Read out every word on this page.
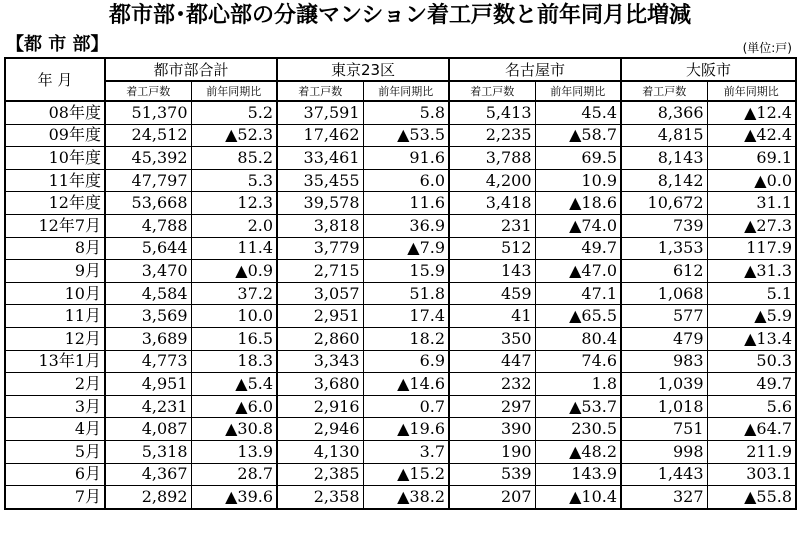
都市部･都心部の分譲マンション着工戸数と前年同月比増減
【都 市 部】	(単位:戸)
年 月	都市部合計		東京23区		名古屋市		大阪市	
	着工戸数	前年同期比	着工戸数	前年同期比	着工戸数	前年同期比	着工戸数	前年同期比
08年度	51,370	5.2	37,591	5.8	5,413	45.4	8,366	▲12.4
09年度	24,512	▲52.3	17,462	▲53.5	2,235	▲58.7	4,815	▲42.4
10年度	45,392	85.2	33,461	91.6	3,788	69.5	8,143	69.1
11年度	47,797	5.3	35,455	6.0	4,200	10.9	8,142	▲0.0
12年度	53,668	12.3	39,578	11.6	3,418	▲18.6	10,672	31.1
12年7月	4,788	2.0	3,818	36.9	231	▲74.0	739	▲27.3
8月	5,644	11.4	3,779	▲7.9	512	49.7	1,353	117.9
9月	3,470	▲0.9	2,715	15.9	143	▲47.0	612	▲31.3
10月	4,584	37.2	3,057	51.8	459	47.1	1,068	5.1
11月	3,569	10.0	2,951	17.4	41	▲65.5	577	▲5.9
12月	3,689	16.5	2,860	18.2	350	80.4	479	▲13.4
13年1月	4,773	18.3	3,343	6.9	447	74.6	983	50.3
2月	4,951	▲5.4	3,680	▲14.6	232	1.8	1,039	49.7
3月	4,231	▲6.0	2,916	0.7	297	▲53.7	1,018	5.6
4月	4,087	▲30.8	2,946	▲19.6	390	230.5	751	▲64.7
5月	5,318	13.9	4,130	3.7	190	▲48.2	998	211.9
6月	4,367	28.7	2,385	▲15.2	539	143.9	1,443	303.1
7月	2,892	▲39.6	2,358	▲38.2	207	▲10.4	327	▲55.8
